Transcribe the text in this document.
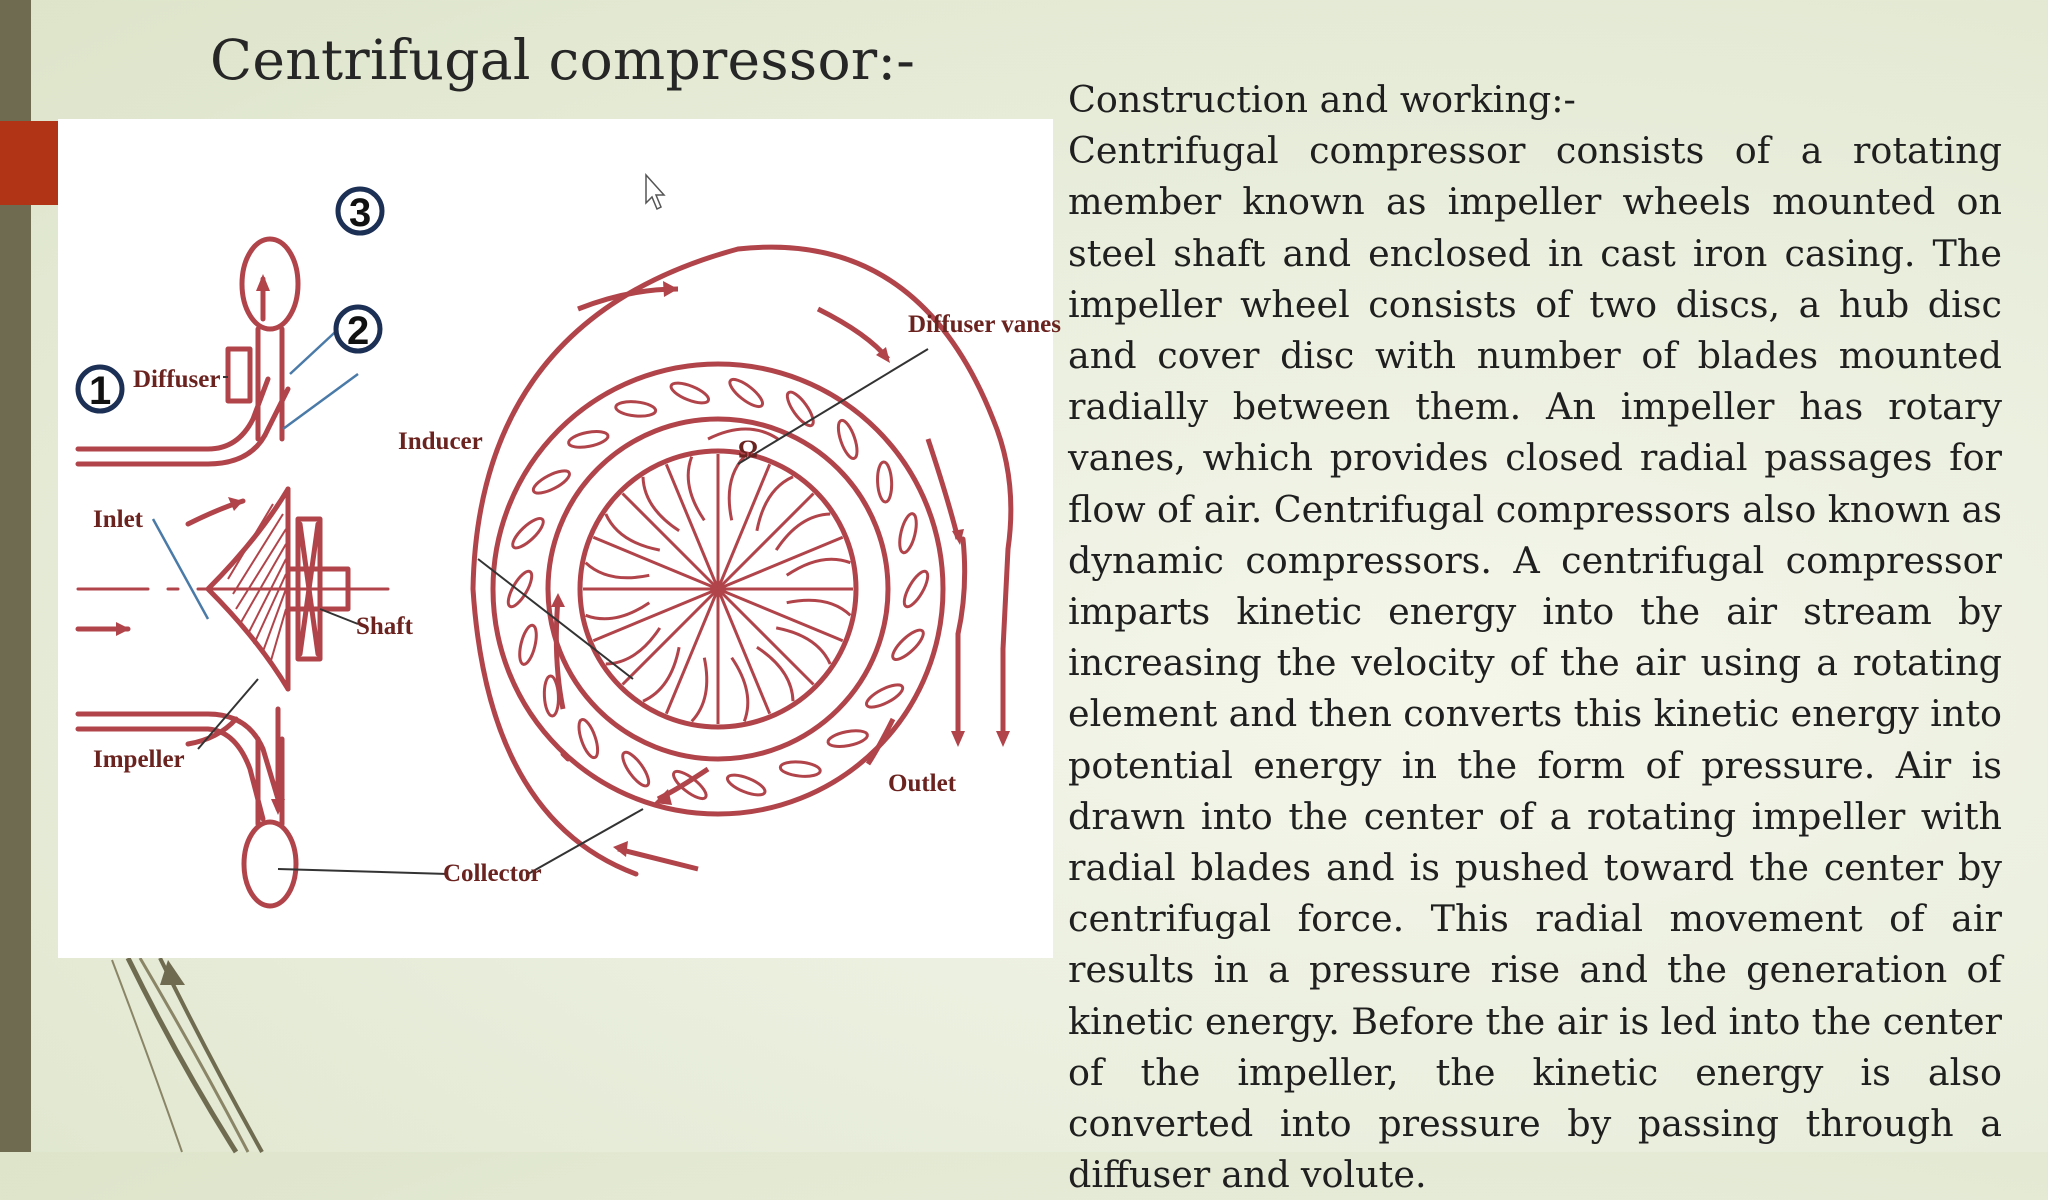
Centrifugal compressor:-
1
2
3
Diffuser
Inlet
Shaft
Impeller
Collector
Inducer
Diffuser vanes
Outlet
Ω
Construction and working:-

Centrifugal compressor consists of a rotating member known as impeller wheels mounted on steel shaft and enclosed in cast iron casing. The impeller wheel consists of two discs, a hub disc and cover disc with number of blades mounted radially between them. An impeller has rotary vanes, which provides closed radial passages for flow of air. Centrifugal compressors also known as dynamic compressors. A centrifugal compressor imparts kinetic energy into the air stream by increasing the velocity of the air using a rotating element and then converts this kinetic energy into potential energy in the form of pressure. Air is drawn into the center of a rotating impeller with radial blades and is pushed toward the center by centrifugal force. This radial movement of air results in a pressure rise and the generation of kinetic energy. Before the air is led into the center of the impeller, the kinetic energy is also converted into pressure by passing through a diffuser and volute.
